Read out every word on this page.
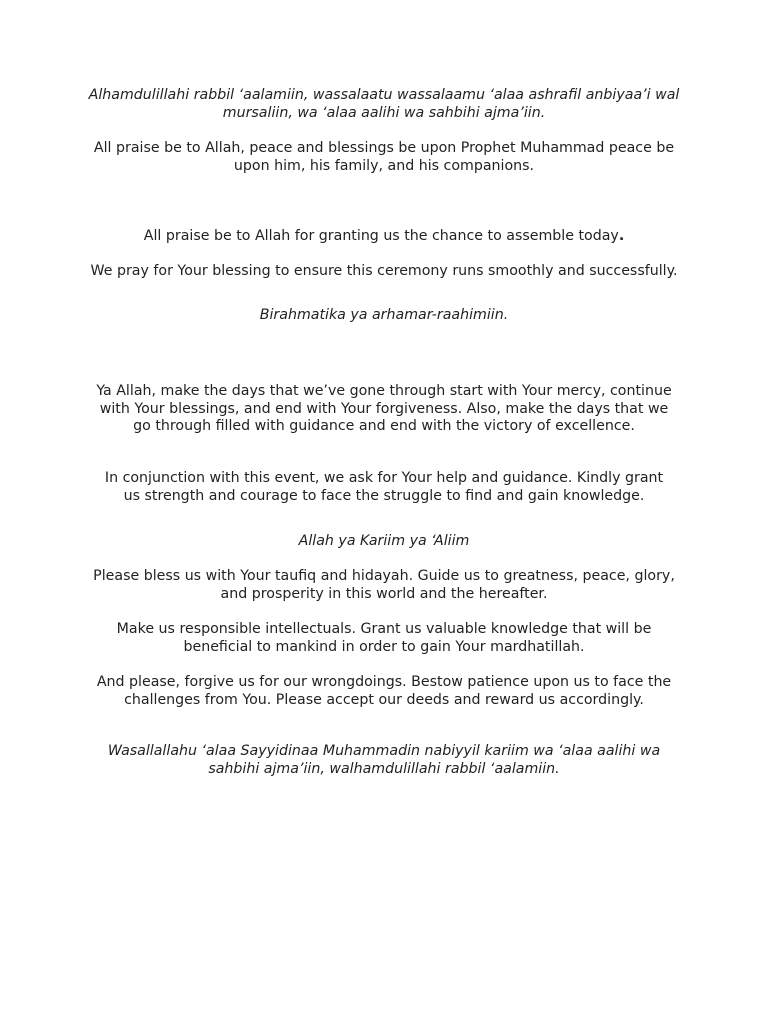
Alhamdulillahi rabbil ‘aalamiin, wassalaatu wassalaamu ‘alaa ashrafil anbiyaa’i wal mursaliin, wa ‘alaa aalihi wa sahbihi ajma’iin.

All praise be to Allah, peace and blessings be upon Prophet Muhammad peace be upon him, his family, and his companions.

All praise be to Allah for granting us the chance to assemble today.

We pray for Your blessing to ensure this ceremony runs smoothly and successfully.

Birahmatika ya arhamar-raahimiin.

Ya Allah, make the days that we’ve gone through start with Your mercy, continue with Your blessings, and end with Your forgiveness. Also, make the days that we go through filled with guidance and end with the victory of excellence.

In conjunction with this event, we ask for Your help and guidance. Kindly grant us strength and courage to face the struggle to find and gain knowledge.

Allah ya Kariim ya ‘Aliim

Please bless us with Your taufiq and hidayah. Guide us to greatness, peace, glory, and prosperity in this world and the hereafter.

Make us responsible intellectuals. Grant us valuable knowledge that will be beneficial to mankind in order to gain Your mardhatillah.

And please, forgive us for our wrongdoings. Bestow patience upon us to face the challenges from You. Please accept our deeds and reward us accordingly.

Wasallallahu ‘alaa Sayyidinaa Muhammadin nabiyyil kariim wa ‘alaa aalihi wa sahbihi ajma’iin, walhamdulillahi rabbil ‘aalamiin.
